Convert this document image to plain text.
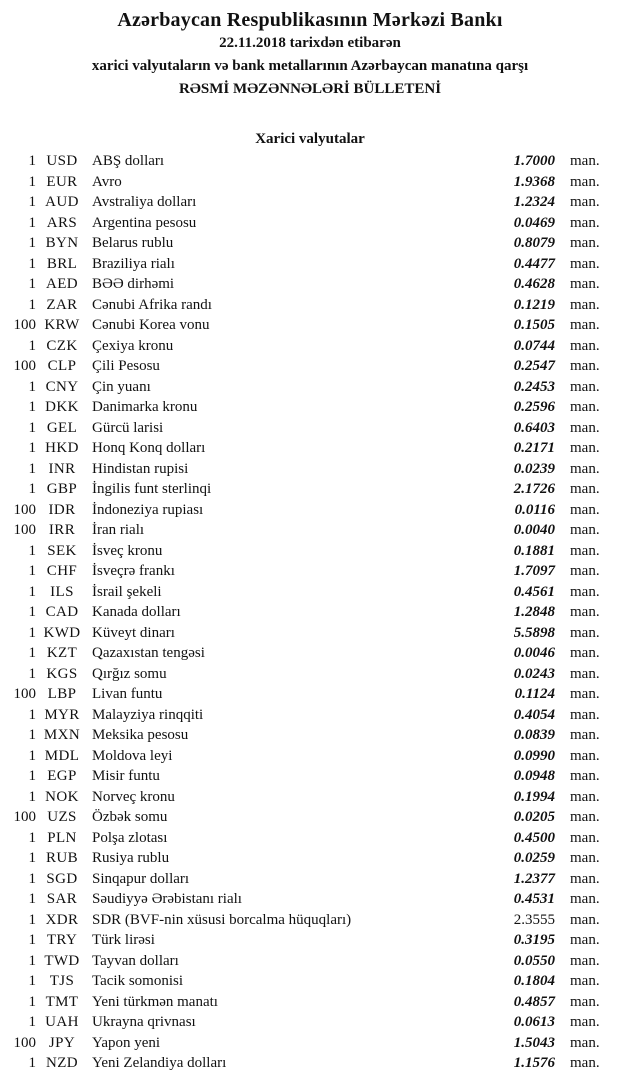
Azərbaycan Respublikasının Mərkəzi Bankı

22.11.2018 tarixdən etibarən

xarici valyutaların və bank metallarının Azərbaycan manatına qarşı

RƏSMİ MƏZƏNNƏLƏRİ BÜLLETENİ

Xarici valyutalar
1 USD ABŞ dolları	1.7000	man.
1 EUR Avro	1.9368	man.
1 AUD Avstraliya dolları	1.2324	man.
1 ARS Argentina pesosu	0.0469	man.
1 BYN Belarus rublu	0.8079	man.
1 BRL Braziliya rialı	0.4477	man.
1 AED BƏƏ dirhəmi	0.4628	man.
1 ZAR Cənubi Afrika randı	0.1219	man.
100 KRW Cənubi Korea vonu	0.1505	man.
1 CZK Çexiya kronu	0.0744	man.
100 CLP	Çili Pesosu	0.2547	man.
1 CNY Çin yuanı	0.2453	man.
1 DKK Danimarka kronu	0.2596	man.
1 GEL Gürcü larisi	0.6403	man.
1 HKD Honq Konq dolları	0.2171	man.
1 INR	Hindistan rupisi	0.0239	man.
1 GBP İngilis funt sterlinqi	2.1726	man.
100 IDR	İndoneziya rupiası	0.0116	man.
100 IRR	İran rialı	0.0040	man.
1 SEK	İsveç kronu	0.1881	man.
1 CHF İsveçrə frankı	1.7097	man.
1 ILS	İsrail şekeli	0.4561	man.
1 CAD Kanada dolları	1.2848	man.
1 KWD Küveyt dinarı	5.5898	man.
1 KZT Qazaxıstan tengəsi	0.0046	man.
1 KGS Qırğız somu	0.0243	man.
100 LBP	Livan funtu	0.1124	man.
1 MYR Malayziya rinqqiti	0.4054	man.
1 MXN Meksika pesosu	0.0839	man.
1 MDL Moldova leyi	0.0990	man.
1 EGP	Misir funtu	0.0948	man.
1 NOK Norveç kronu	0.1994	man.
100 UZS	Özbək somu	0.0205	man.
1 PLN	Polşa zlotası	0.4500	man.
1 RUB Rusiya rublu	0.0259	man.
1 SGD Sinqapur dolları	1.2377	man.
1 SAR Səudiyyə Ərəbistanı rialı	0.4531	man.
1 XDR SDR (BVF-nin xüsusi borcalma hüquqları)	2.3555	man.
1 TRY Türk lirəsi	0.3195	man.
1 TWD Tayvan dolları	0.0550	man.
1 TJS	Tacik somonisi	0.1804	man.
1 TMT Yeni türkmən manatı	0.4857	man.
1 UAH Ukrayna qrivnası	0.0613	man.
100 JPY	Yapon yeni	1.5043	man.
1 NZD Yeni Zelandiya dolları	1.1576	man.
